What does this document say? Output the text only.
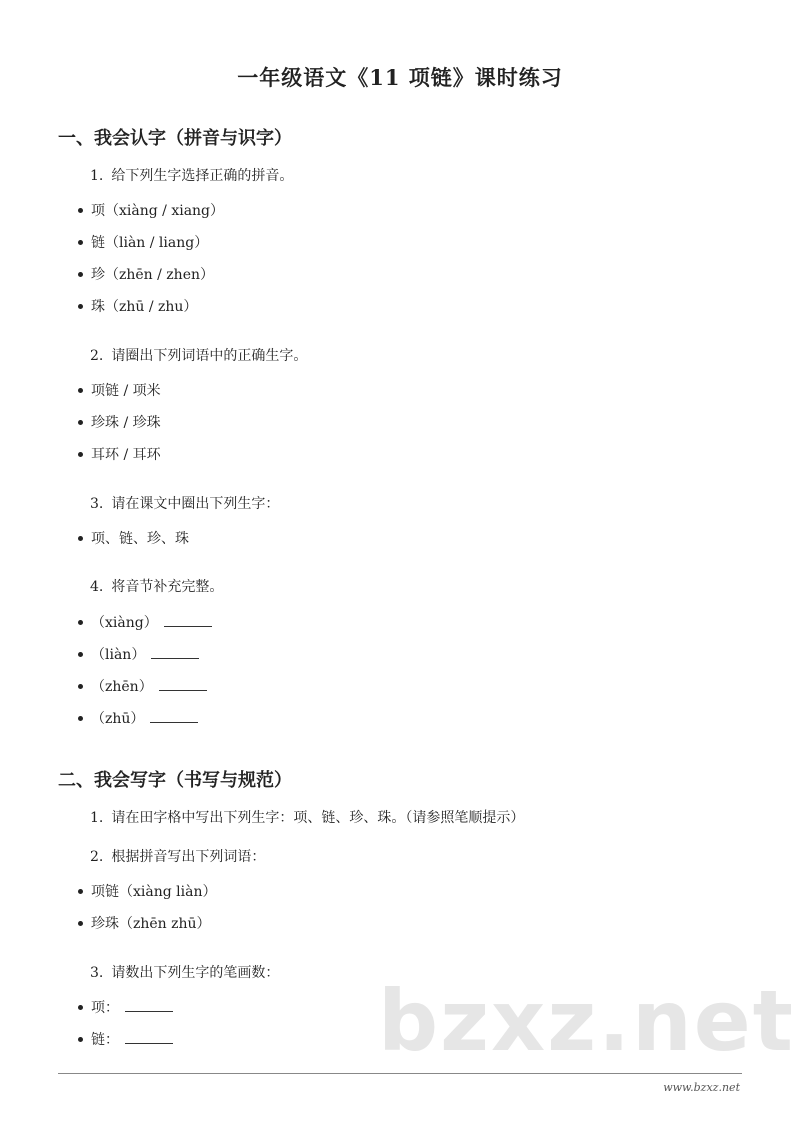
一年级语文《11 项链》课时练习
一、我会认字（拼音与识字）
1. 给下列生字选择正确的拼音。
项（xiàng / xiang）
链（liàn / liang）
珍（zhēn / zhen）
珠（zhū / zhu）
2. 请圈出下列词语中的正确生字。
项链 / 项米
珍珠 / 珍珠
耳环 / 耳环
3. 请在课文中圈出下列生字：
项、链、珍、珠
4. 将音节补充完整。
（xiàng）
（liàn）
（zhēn）
（zhū）
二、我会写字（书写与规范）
1. 请在田字格中写出下列生字：项、链、珍、珠。（请参照笔顺提示）
2. 根据拼音写出下列词语：
项链（xiàng liàn）
珍珠（zhēn zhū）
3. 请数出下列生字的笔画数： bzxz.net
项：
链：
www.bzxz.net
